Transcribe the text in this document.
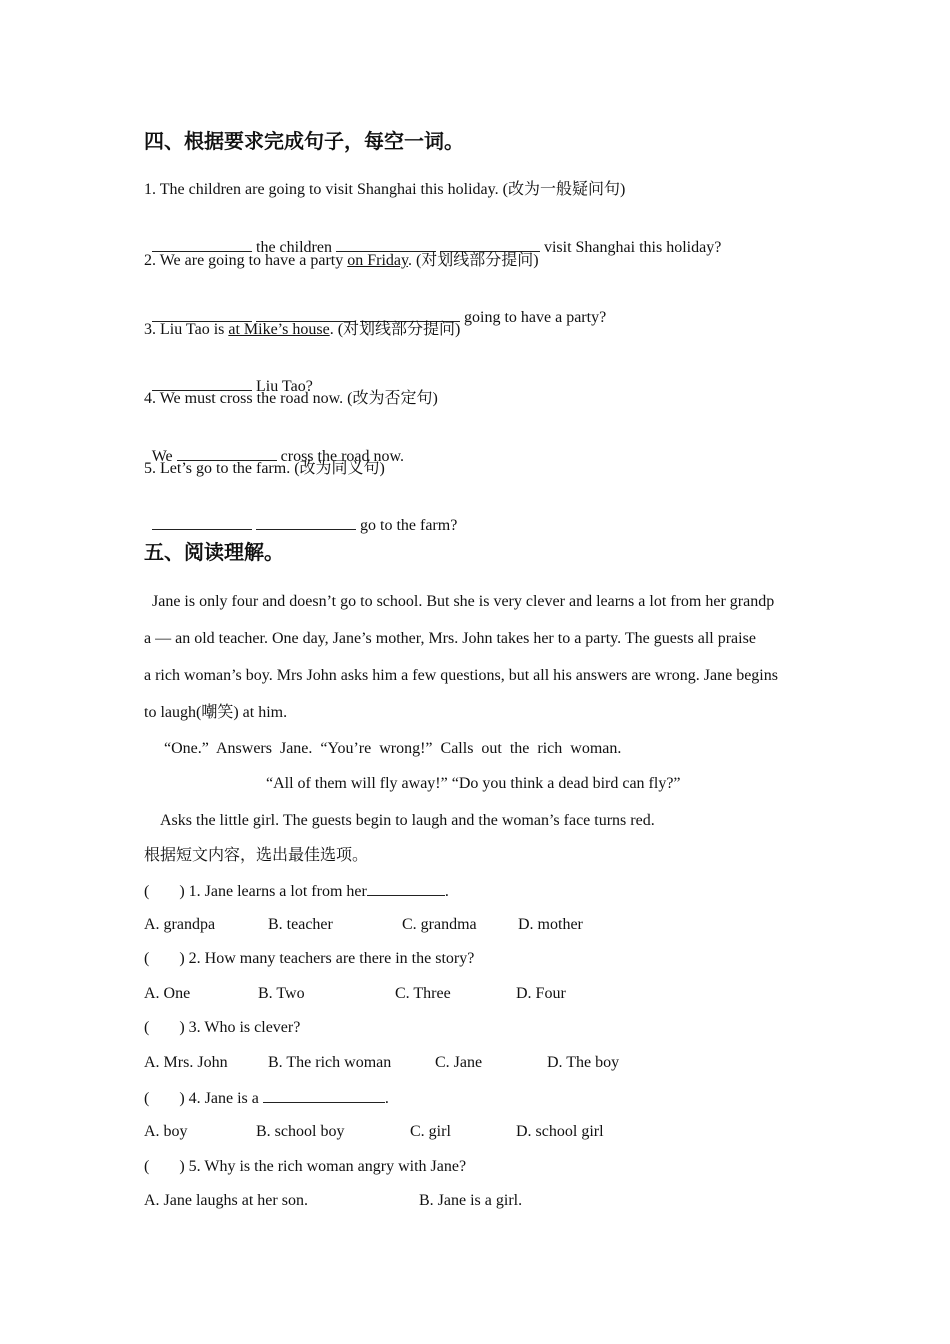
四、根据要求完成句子，每空一词。
1. The children are going to visit Shanghai this holiday. (改为一般疑问句)

the children	visit Shanghai this holiday?

2. We are going to have a party on Friday. (对划线部分提问)

going to have a party?

3. Liu Tao is at Mike’s house. (对划线部分提问)

Liu Tao?

4. We must cross the road now. (改为否定句)

We	cross the road now.

5. Let’s go to the farm. (改为同义句)

go to the farm?

五、阅读理解。
Jane is only four and doesn’t go to school. But she is very clever and learns a lot from her grandp
a — an old teacher. One day, Jane’s mother, Mrs. John takes her to a party. The guests all praise
a rich woman’s boy. Mrs John asks him a few questions, but all his answers are wrong. Jane begins
to laugh(嘲笑) at him.
“One.”  Answers  Jane.  “You’re  wrong!”  Calls  out  the  rich  woman.
“All of them will fly away!” “Do you think a dead bird can fly?”
Asks the little girl. The guests begin to laugh and the woman’s face turns red.
根据短文内容，选出最佳选项。
( ) 1. Jane learns a lot from her	.
A. grandpa	B. teacher	C. grandma	D. mother
( ) 2. How many teachers are there in the story?
A. One	B. Two	C. Three	D. Four
( ) 3. Who is clever?
A. Mrs. John	B. The rich woman	C. Jane	D. The boy
( ) 4. Jane is a	.
A. boy	B. school boy	C. girl	D. school girl
( ) 5. Why is the rich woman angry with Jane?
A. Jane laughs at her son.	B. Jane is a girl.
